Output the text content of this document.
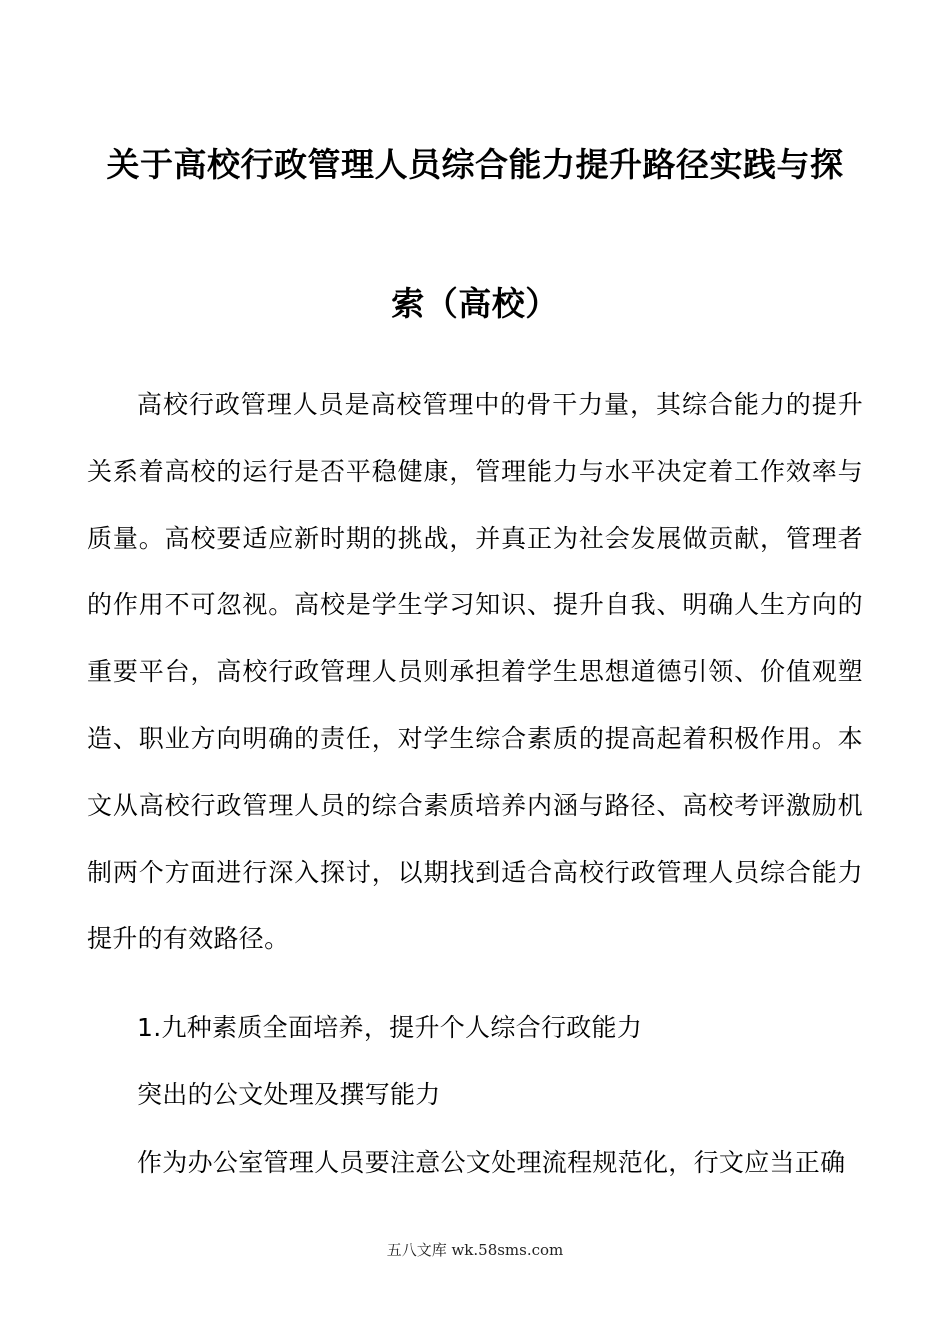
关于高校行政管理人员综合能力提升路径实践与探
索（高校）

高校行政管理人员是高校管理中的骨干力量，其综合能力的提升关系着高校的运行是否平稳健康，管理能力与水平决定着工作效率与质量。高校要适应新时期的挑战，并真正为社会发展做贡献，管理者的作用不可忽视。高校是学生学习知识、提升自我、明确人生方向的重要平台，高校行政管理人员则承担着学生思想道德引领、价值观塑造、职业方向明确的责任，对学生综合素质的提高起着积极作用。本文从高校行政管理人员的综合素质培养内涵与路径、高校考评激励机制两个方面进行深入探讨，以期找到适合高校行政管理人员综合能力提升的有效路径。

1.九种素质全面培养，提升个人综合行政能力

突出的公文处理及撰写能力

作为办公室管理人员要注意公文处理流程规范化，行文应当正确

五八文库 wk.58sms.com
